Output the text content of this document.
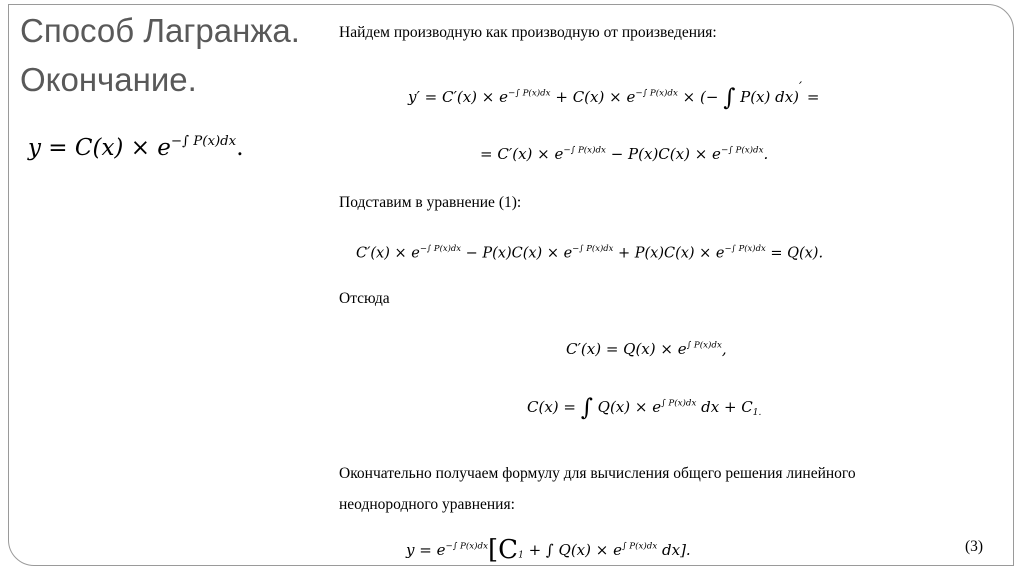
Способ Лагранжа.
Окончание.
$y = C(x) \times e^{-\int P(x)dx}$.
Найдем производную как производную от произведения:
$y' = C'(x) \times e^{-\int P(x)dx} + C(x) \times e^{-\int P(x)dx}$ × (− ∫ P(x) dx)′ =
= $C'(x) \times e^{-\int P(x)dx} - P(x)C(x) \times e^{-\int P(x)dx}$.
Подставим в уравнение (1):
$C'(x) \times e^{-\int P(x)dx} - P(x)C(x) \times e^{-\int P(x)dx} + P(x)C(x) \times e^{-\int P(x)dx} = Q(x)$.
Отсюда
$C'(x) = Q(x) \times e^{\int P(x)dx}$,
C(x) = ∫ $Q(x) \times e^{\int P(x)dx}$ dx + $C_{1.}$
Окончательно получаем формулу для вычисления общего решения линейного
неоднородного уравнения:
$y = e^{-\int P(x)dx}[C_1$ + ∫ $Q(x) \times e^{\int P(x)dx}$ dx].	(3)
